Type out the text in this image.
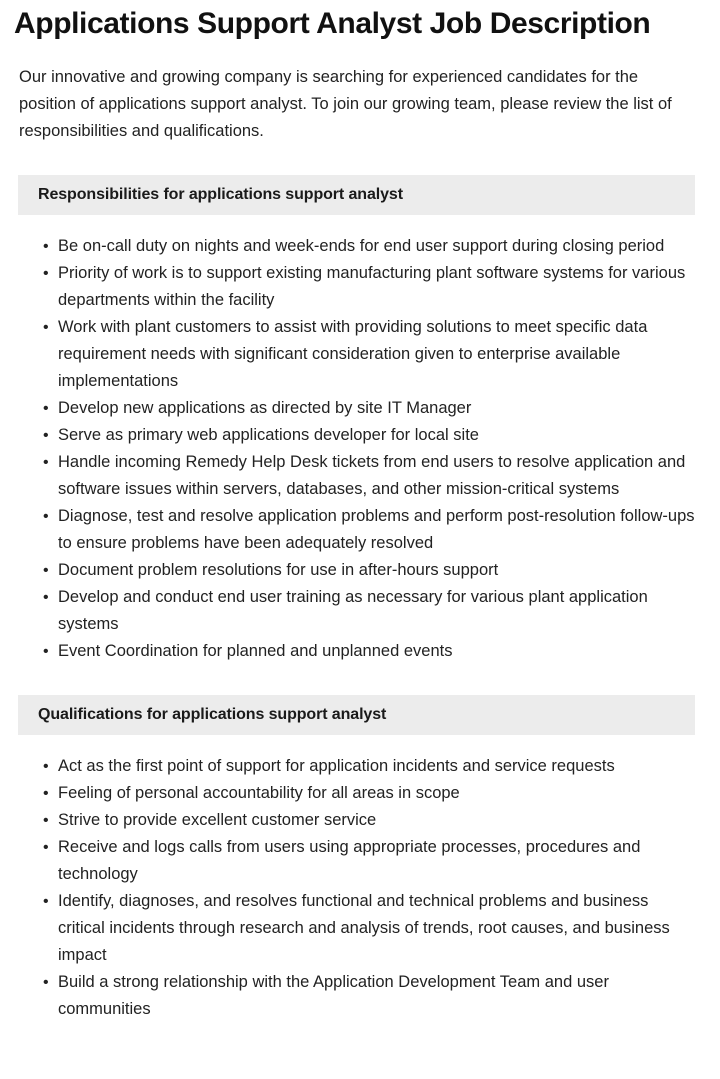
Applications Support Analyst Job Description

Our innovative and growing company is searching for experienced candidates for the position of applications support analyst. To join our growing team, please review the list of responsibilities and qualifications.

Responsibilities for applications support analyst
• Be on-call duty on nights and week-ends for end user support during closing period
• Priority of work is to support existing manufacturing plant software systems for various departments within the facility
• Work with plant customers to assist with providing solutions to meet specific data requirement needs with significant consideration given to enterprise available implementations
• Develop new applications as directed by site IT Manager
• Serve as primary web applications developer for local site
• Handle incoming Remedy Help Desk tickets from end users to resolve application and software issues within servers, databases, and other mission-critical systems
• Diagnose, test and resolve application problems and perform post-resolution follow-ups to ensure problems have been adequately resolved
• Document problem resolutions for use in after-hours support
• Develop and conduct end user training as necessary for various plant application systems
• Event Coordination for planned and unplanned events
Qualifications for applications support analyst
• Act as the first point of support for application incidents and service requests
• Feeling of personal accountability for all areas in scope
• Strive to provide excellent customer service
• Receive and logs calls from users using appropriate processes, procedures and technology
• Identify, diagnoses, and resolves functional and technical problems and business critical incidents through research and analysis of trends, root causes, and business impact
• Build a strong relationship with the Application Development Team and user communities
